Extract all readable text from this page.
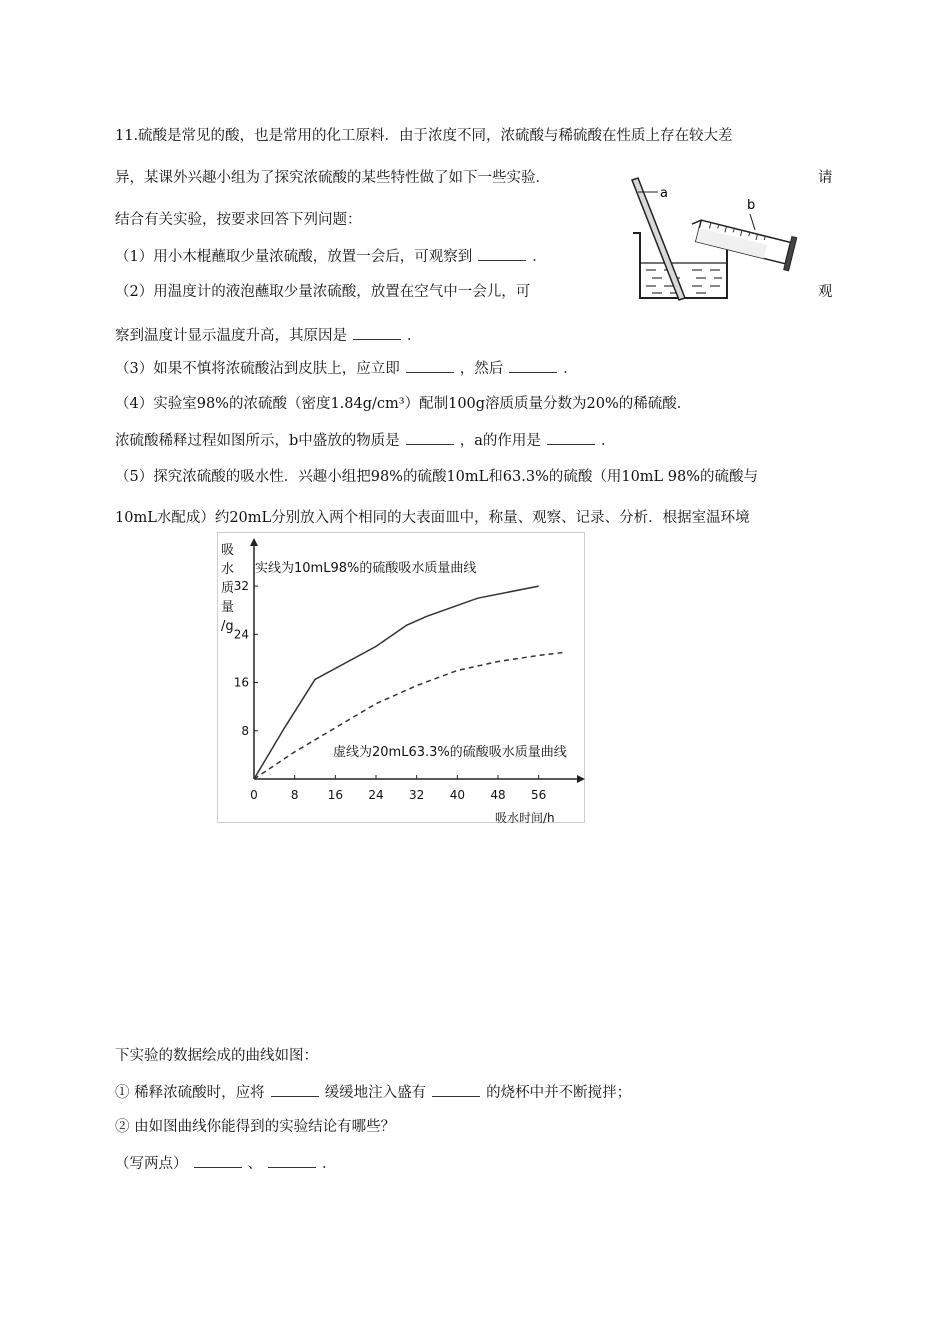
11.硫酸是常见的酸，也是常用的化工原料．由于浓度不同，浓硫酸与稀硫酸在性质上存在较大差
异，某课外兴趣小组为了探究浓硫酸的某些特性做了如下一些实验．	请
结合有关实验，按要求回答下列问题：
（1）用小木棍蘸取少量浓硫酸，放置一会后，可观察到	．
（2）用温度计的液泡蘸取少量浓硫酸，放置在空气中一会儿，可	观
察到温度计显示温度升高，其原因是	．
（3）如果不慎将浓硫酸沾到皮肤上，应立即	，然后	．
（4）实验室98%的浓硫酸（密度1.84g/cm³）配制100g溶质质量分数为20%的稀硫酸．
浓硫酸稀释过程如图所示，b中盛放的物质是	，a的作用是	．
（5）探究浓硫酸的吸水性．兴趣小组把98%的硫酸10mL和63.3%的硫酸（用10mL 98%的硫酸与
10mL水配成）约20mL分别放入两个相同的大表面皿中，称量、观察、记录、分析．根据室温环境
a
b
吸
水
质
量
/g
0	8 16 24 32 40 48 56
8
16
24
32
实线为10mL98%的硫酸吸水质量曲线
虚线为20mL63.3%的硫酸吸水质量曲线
吸水时间/h
下实验的数据绘成的曲线如图：
① 稀释浓硫酸时，应将	缓缓地注入盛有	的烧杯中并不断搅拌；
② 由如图曲线你能得到的实验结论有哪些？
（写两点）	、	．
